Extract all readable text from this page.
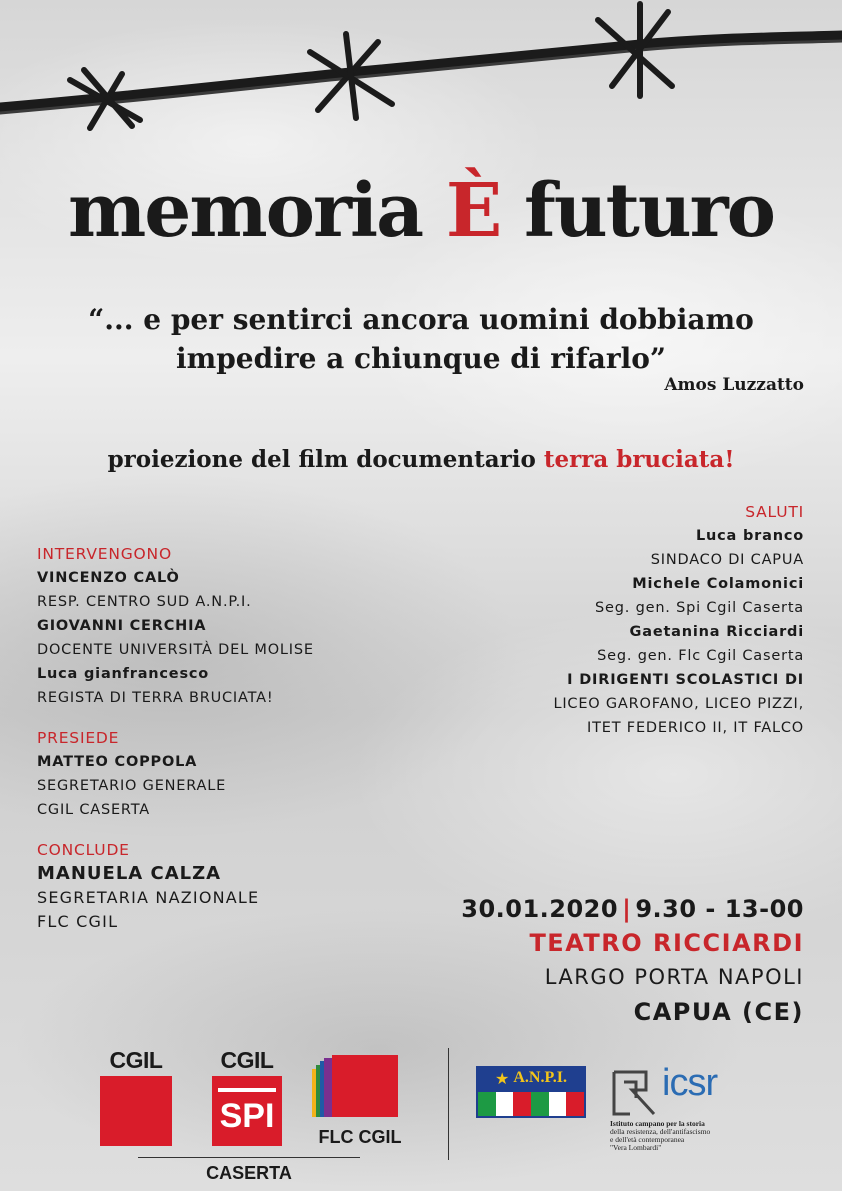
memoria È futuro
“... e per sentirci ancora uomini dobbiamo
impedire a chiunque di rifarlo”
Amos Luzzatto
proiezione del film documentario terra bruciata!
INTERVENGONO
VINCENZO CALÒ
RESP. CENTRO SUD A.N.P.I.
GIOVANNI CERCHIA
DOCENTE UNIVERSITÀ DEL MOLISE
Luca gianfrancesco
REGISTA DI TERRA BRUCIATA!
PRESIEDE
MATTEO COPPOLA
SEGRETARIO GENERALE
CGIL CASERTA
CONCLUDE
MANUELA CALZA
SEGRETARIA NAZIONALE
FLC CGIL
SALUTI
Luca branco
SINDACO DI CAPUA
Michele Colamonici
Seg. gen. Spi Cgil Caserta
Gaetanina Ricciardi
Seg. gen. Flc Cgil Caserta
I DIRIGENTI SCOLASTICI DI
LICEO GAROFANO, LICEO PIZZI,
ITET FEDERICO II, IT FALCO
30.01.2020 | 9.30 - 13-00
TEATRO RICCIARDI
LARGO PORTA NAPOLI
CAPUA (CE)
CGIL	CGIL
SPI
FLC CGIL
CASERTA
★ A.N.P.I.	icsr
Istituto campano per la storia
della resistenza, dell'antifascismo
e dell'età contemporanea
"Vera Lombardi"
